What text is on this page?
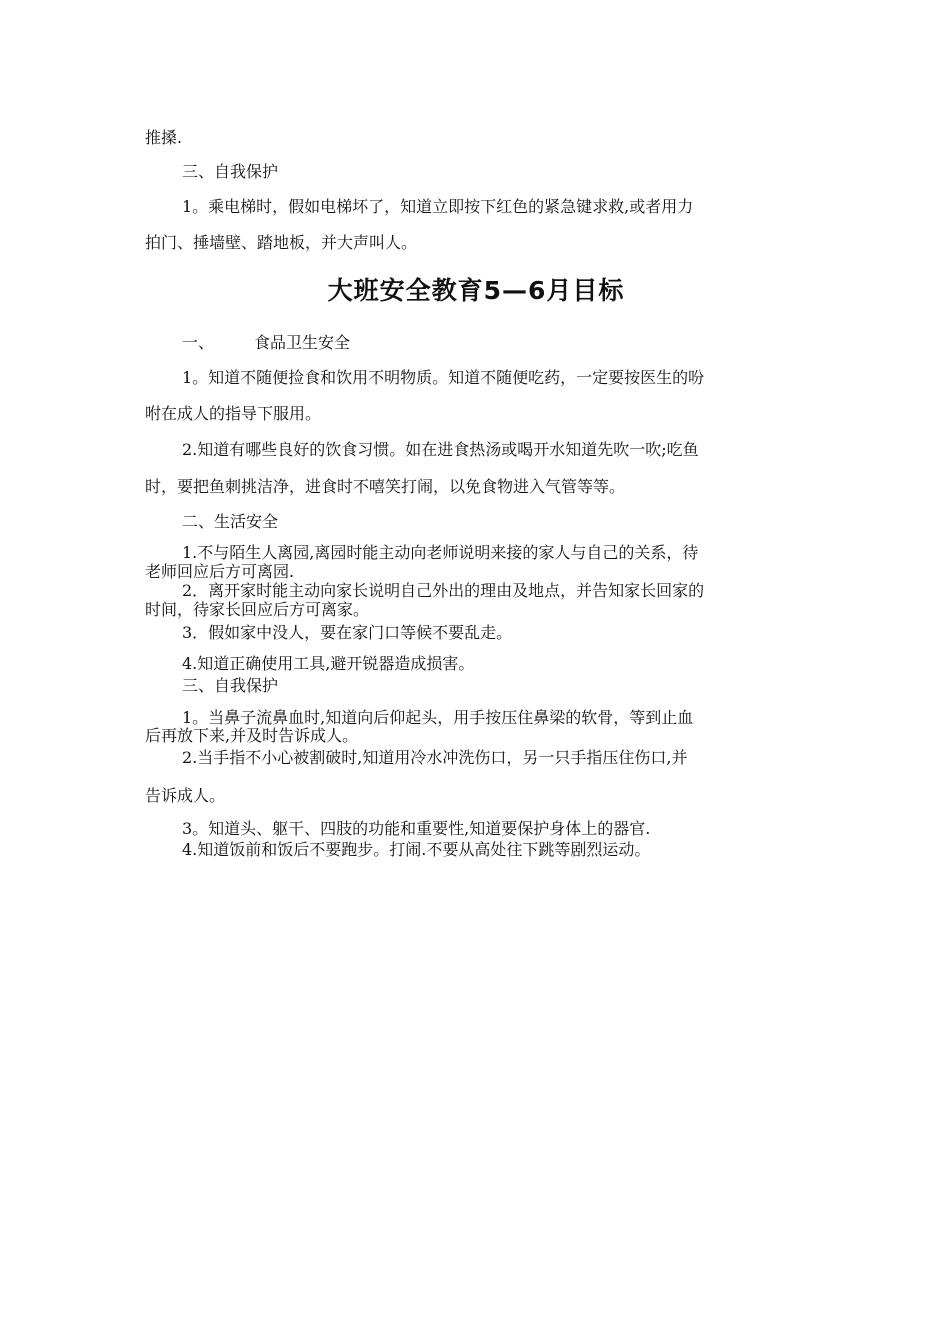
推搡.
三、自我保护
1。乘电梯时，假如电梯坏了，知道立即按下红色的紧急键求救,或者用力
拍门、捶墙壁、踏地板，并大声叫人。
大班安全教育5—6月目标
一、	食品卫生安全
1。知道不随便捡食和饮用不明物质。知道不随便吃药，一定要按医生的吩
咐在成人的指导下服用。
2.知道有哪些良好的饮食习惯。如在进食热汤或喝开水知道先吹一吹;吃鱼
时，要把鱼刺挑洁净，进食时不嘻笑打闹，以免食物进入气管等等。
二、生活安全
1.不与陌生人离园,离园时能主动向老师说明来接的家人与自己的关系，待
老师回应后方可离园.
2．离开家时能主动向家长说明自己外出的理由及地点，并告知家长回家的
时间，待家长回应后方可离家。
3．假如家中没人，要在家门口等候不要乱走。
4.知道正确使用工具,避开锐器造成损害。
三、自我保护
1。当鼻子流鼻血时,知道向后仰起头，用手按压住鼻梁的软骨，等到止血
后再放下来,并及时告诉成人。
2.当手指不小心被割破时,知道用冷水冲洗伤口，另一只手指压住伤口,并
告诉成人。
3。知道头、躯干、四肢的功能和重要性,知道要保护身体上的器官.
4.知道饭前和饭后不要跑步。打闹.不要从高处往下跳等剧烈运动。
